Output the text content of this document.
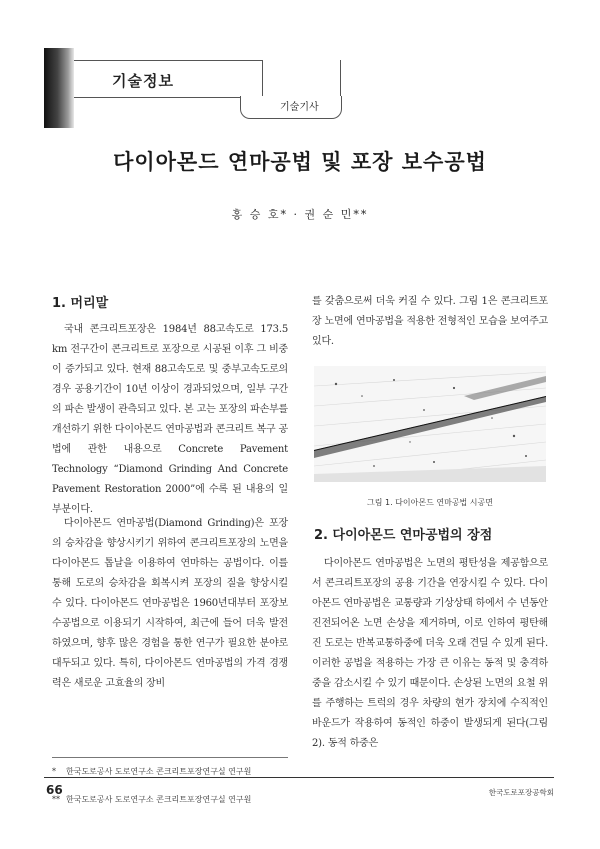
기술정보
기술기사
다이아몬드 연마공법 및 포장 보수공법
홍 승 호* · 권 순 민**
1. 머리말
국내 콘크리트포장은 1984년 88고속도로 173.5 km 전구간이 콘크리트로 포장으로 시공된 이후 그 비중이 증가되고 있다. 현재 88고속도로 및 중부고속도로의 경우 공용기간이 10년 이상이 경과되었으며, 일부 구간의 파손 발생이 관측되고 있다. 본 고는 포장의 파손부를 개선하기 위한 다이아몬드 연마공법과 콘크리트 복구 공법에 관한 내용으로 Concrete Pavement Technology “Diamond Grinding And Concrete Pavement Restoration 2000”에 수록 된 내용의 일부분이다.
다이아몬드 연마공법(Diamond Grinding)은 포장의 승차감을 향상시키기 위하여 콘크리트포장의 노면을 다이아몬드 톱날을 이용하여 연마하는 공법이다. 이를 통해 도로의 승차감을 회복시켜 포장의 질을 향상시킬 수 있다. 다이아몬드 연마공법은 1960년대부터 포장보수공법으로 이용되기 시작하여, 최근에 들어 더욱 발전하였으며, 향후 많은 경험을 통한 연구가 필요한 분야로 대두되고 있다. 특히, 다이아몬드 연마공법의 가격 경쟁력은 새로운 고효율의 장비
* 한국도로공사 도로연구소 콘크리트포장연구실 연구원
** 한국도로공사 도로연구소 콘크리트포장연구실 연구원
를 갖춤으로써 더욱 커질 수 있다. 그림 1은 콘크리트포장 노면에 연마공법을 적용한 전형적인 모습을 보여주고 있다.
그림 1. 다이아몬드 연마공법 시공면
2. 다이아몬드 연마공법의 장점
다이아몬드 연마공법은 노면의 평탄성을 제공함으로서 콘크리트포장의 공용 기간을 연장시킬 수 있다. 다이아몬드 연마공법은 교통량과 기상상태 하에서 수 년동안 진전되어온 노면 손상을 제거하며, 이로 인하여 평탄해진 도로는 반복교통하중에 더욱 오래 견딜 수 있게 된다. 이러한 공법을 적용하는 가장 큰 이유는 동적 및 충격하중을 감소시킬 수 있기 때문이다. 손상된 노면의 요철 위를 주행하는 트럭의 경우 차량의 현가 장치에 수직적인 바운드가 작용하여 동적인 하중이 발생되게 된다(그림 2). 동적 하중은
66	한국도로포장공학회
